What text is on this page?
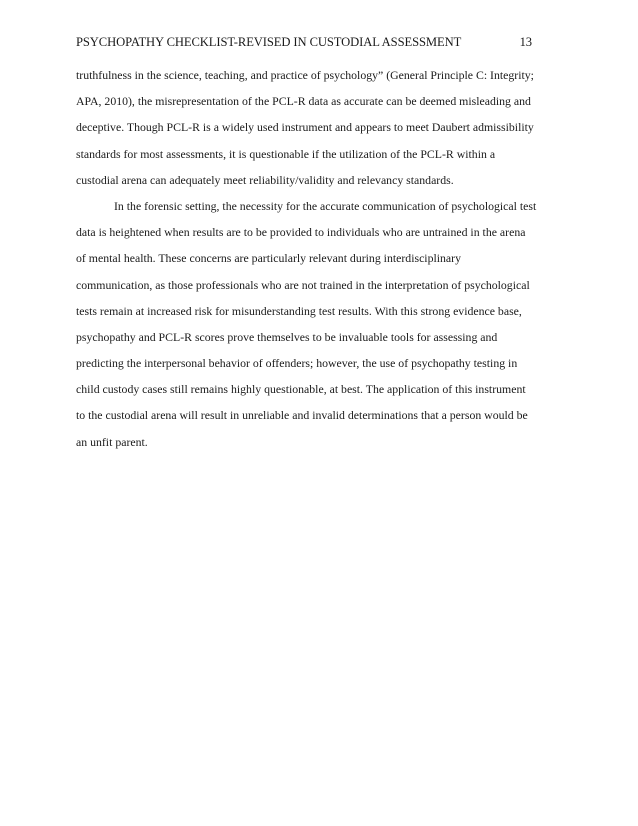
PSYCHOPATHY CHECKLIST-REVISED IN CUSTODIAL ASSESSMENT	13
truthfulness in the science, teaching, and practice of psychology” (General Principle C: Integrity;
APA, 2010), the misrepresentation of the PCL-R data as accurate can be deemed misleading and
deceptive. Though PCL-R is a widely used instrument and appears to meet Daubert admissibility
standards for most assessments, it is questionable if the utilization of the PCL-R within a
custodial arena can adequately meet reliability/validity and relevancy standards.
In the forensic setting, the necessity for the accurate communication of psychological test
data is heightened when results are to be provided to individuals who are untrained in the arena
of mental health. These concerns are particularly relevant during interdisciplinary
communication, as those professionals who are not trained in the interpretation of psychological
tests remain at increased risk for misunderstanding test results. With this strong evidence base,
psychopathy and PCL-R scores prove themselves to be invaluable tools for assessing and
predicting the interpersonal behavior of offenders; however, the use of psychopathy testing in
child custody cases still remains highly questionable, at best. The application of this instrument
to the custodial arena will result in unreliable and invalid determinations that a person would be
an unfit parent.
